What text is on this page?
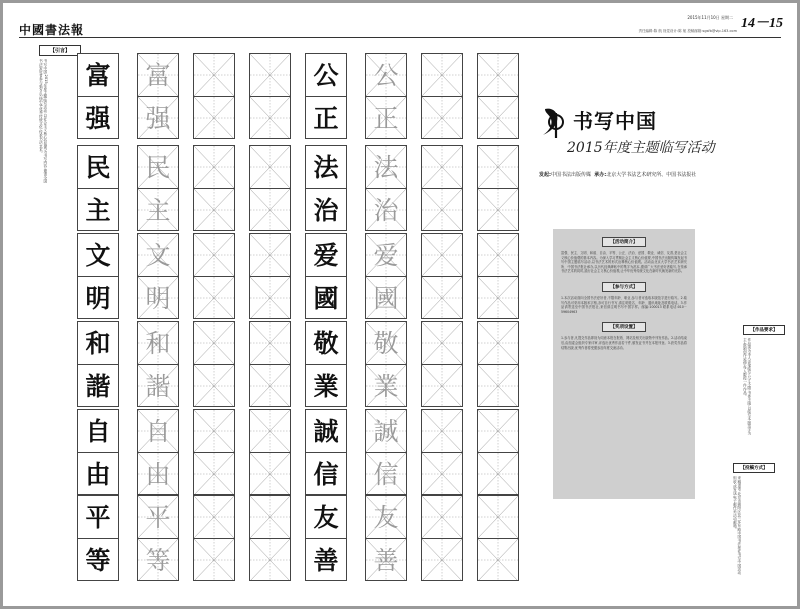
中國書法報	14－15
2015年11月10日 星期二
责任编辑:陈 航 视觉设计:陈 航 投稿邮箱:sgsfb@vip.163.com
【引言】
书写中国,2015年度主题临写活动,以社会主义核心价值观为书写内容,邀请全国书法爱好者参与临写,弘扬中华优秀传统文化,传承书法艺术。 富
强
富
强
公
正
公
正
民
主
民
主
法
治
法
治
文
明
文
明
爱
國
爱
國
和
諧
和
諧
敬
業
敬
業
自
由
自
由
誠
信
誠
信
平
等
平
等
友
善
友
善
书写中国
2015年度主题临写活动
发起:中国书法出版传媒 承办:北京大学书法艺术研究所、中国书法报社
【活动简介】
富强、民主、文明、和谐、自由、平等、公正、法治、爱国、敬业、诚信、友善,是社会主义核心价值观的基本内容。为深入学习贯彻社会主义核心价值观,中国书法出版传媒发起书写中国主题临写活动,以书法艺术的形式诠释核心价值观。活动由北京大学书法艺术研究所、中国书法报社承办,以历代经典碑帖中的集字为范本,邀请广大书法爱好者临写,在传承书法艺术的同时,践行社会主义核心价值观,让中华优秀传统文化在新时代焕发新的光彩。
【参与方式】
1.本次活动面向全国书法爱好者,不限年龄、职业,参与者可选取本版范字进行临写。2.临写作品可采用本版米字格,亦可自行书写,请注明姓名、年龄、通讯地址及联系电话。3.作品请寄送至中国书法报社,来信请注明书写中国字样。邮编:100013 联系电话:010－59604963
【奖项设置】
1.参与者,凡提交作品即视为同意本报在报纸、网站及相关出版物中刊发作品。2.活动结束后,由组委会组织专家评审,评选出优秀作品若干件,颁发证书并在本报刊登。3.获奖作品将结集出版,优秀作者将受邀参加年度交流活动。
【作品要求】
作品须为本人亲笔临写,尺寸不限,书体不限,以临写本版范字为主,鼓励创作延伸,每人限投一件作品。
【投稿方式】
来稿请寄:北京市朝阳区北三环东路中国书法报社书写中国活动组收,或发送电子邮件至活动邮箱。
